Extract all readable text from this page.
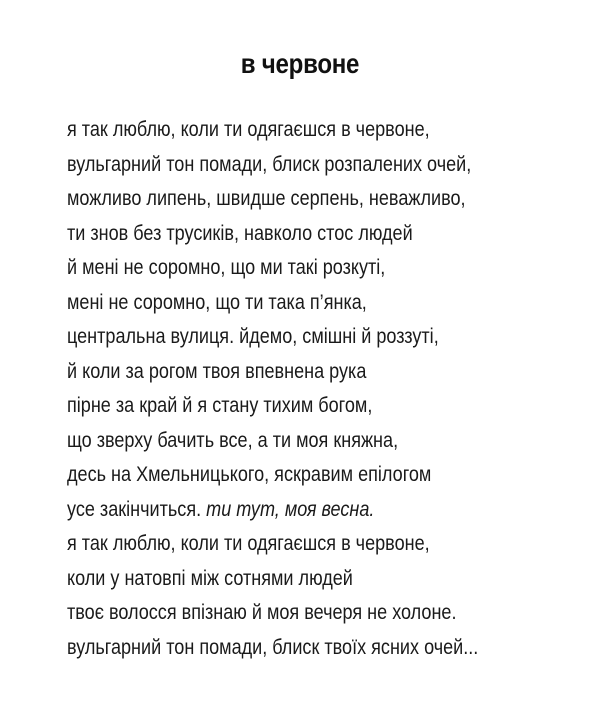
в червоне
я так люблю, коли ти одягаєшся в червоне,
вульгарний тон помади, блиск розпалених очей,
можливо липень, швидше серпень, неважливо,
ти знов без трусиків, навколо стос людей
й мені не соромно, що ми такі розкуті,
мені не соромно, що ти така п’янка,
центральна вулиця. йдемо, смішні й роззуті,
й коли за рогом твоя впевнена рука
пірне за край й я стану тихим богом,
що зверху бачить все, а ти моя княжна,
десь на Хмельницького, яскравим епілогом
усе закінчиться. ти тут, моя весна.
я так люблю, коли ти одягаєшся в червоне,
коли у натовпі між сотнями людей
твоє волосся впізнаю й моя вечеря не холоне.
вульгарний тон помади, блиск твоїх ясних очей...
